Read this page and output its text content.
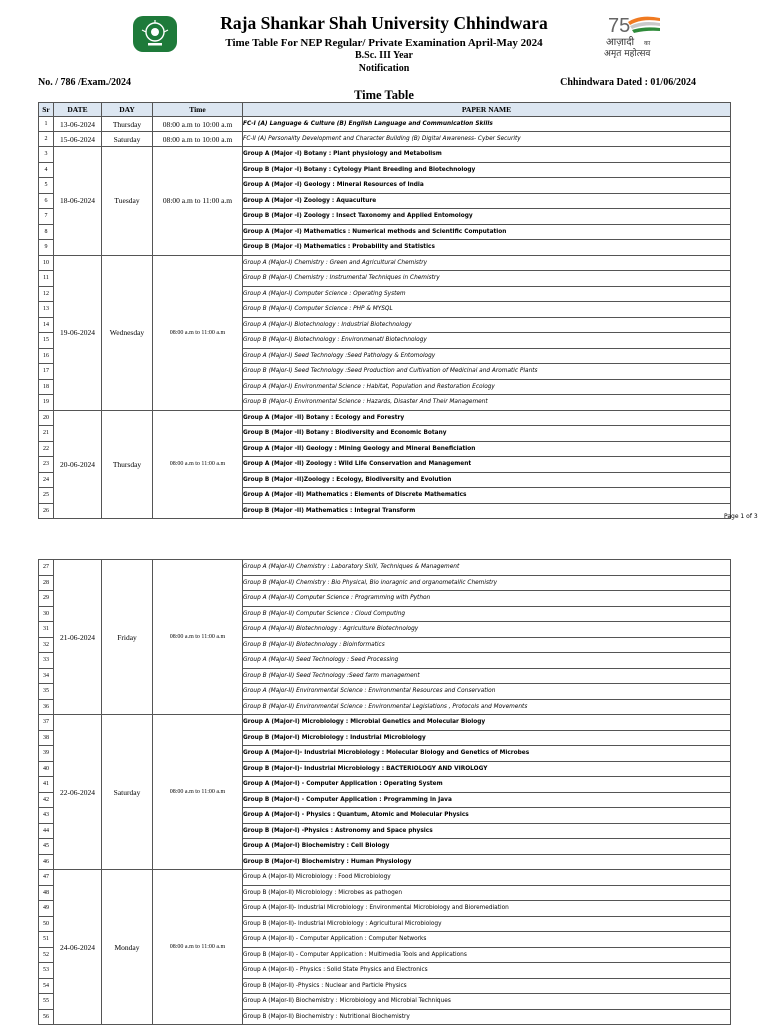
Raja Shankar Shah University Chhindwara
Time Table For NEP Regular/ Private Examination April-May 2024
B.Sc. III Year
Notification
75
आज़ादी का
अमृत महोत्सव
No. / 786 /Exam./2024	Chhindwara Dated : 01/06/2024
Time Table
Sr	DATE	DAY	Time	PAPER NAME
1	13-06-2024	Thursday	08:00 a.m to 10:00 a.m	FC-I (A) Language & Culture (B) English Language and Communication Skills
2	15-06-2024	Saturday	08:00 a.m to 10:00 a.m	FC-II (A) Personality Development and Character Building (B) Digital Awareness- Cyber Security
3	18-06-2024	Tuesday	08:00 a.m to 11:00 a.m	Group A (Major -I) Botany : Plant physiology and Metabolism
4				Group B (Major -I) Botany : Cytology Plant Breeding and Biotechnology
5				Group A (Major -I) Geology : Mineral Resources of India
6				Group A (Major -I) Zoology : Aquaculture
7				Group B (Major -I) Zoology : Insect Taxonomy and Applied Entomology
8				Group A (Major -I) Mathematics : Numerical methods and Scientific Computation
9				Group B (Major -I) Mathematics : Probability and Statistics
10	19-06-2024	Wednesday	08:00 a.m to 11:00 a.m	Group A (Major-I) Chemistry : Green and Agricultural Chemistry
11				Group B (Major-I) Chemistry : Instrumental Techniques in Chemistry
12				Group A (Major-I) Computer Science : Operating System
13				Group B (Major-I) Computer Science : PHP & MYSQL
14				Group A (Major-I) Biotechnology : Industrial Biotechnology
15				Group B (Major-I) Biotechnology : Environmenatl Biotechnology
16				Group A (Major-I) Seed Technology :Seed Pathology & Entomology
17				Group B (Major-I) Seed Technology :Seed Production and Cultivation of Medicinal and Aromatic Plants
18				Group A (Major-I) Environmental Science : Habitat, Population and Restoration Ecology
19				Group B (Major-I) Environmental Science : Hazards, Disaster And Their Management
20	20-06-2024	Thursday	08:00 a.m to 11:00 a.m	Group A (Major -II) Botany : Ecology and Forestry
21				Group B (Major -II) Botany : Biodiversity and Economic Botany
22				Group A (Major -II) Geology : Mining Geology and Mineral Beneficiation
23				Group A (Major -II) Zoology : Wild Life Conservation and Management
24				Group B (Major -II)Zoology : Ecology, Biodiversity and Evolution
25				Group A (Major -II) Mathematics : Elements of Discrete Mathematics
26				Group B (Major -II) Mathematics : Integral Transform
Page 1 of 3
27	21-06-2024	Friday	08:00 a.m to 11:00 a.m	Group A (Major-II) Chemistry : Laboratory Skill, Techniques & Management
28				Group B (Major-II) Chemistry : Bio Physical, Bio inoragnic and organometallic Chemistry
29				Group A (Major-II) Computer Science : Programming with Python
30				Group B (Major-II) Computer Science : Cloud Computing
31				Group A (Major-II) Biotechnology : Agriculture Biotechnology
32				Group B (Major-II) Biotechnology : Bioinformatics
33				Group A (Major-II) Seed Technology : Seed Processing
34				Group B (Major-II) Seed Technology :Seed farm management
35				Group A (Major-II) Environmental Science : Environmental Resources and Conservation
36				Group B (Major-II) Environmental Science : Environmental Legislations , Protocols and Movements
37	22-06-2024	Saturday	08:00 a.m to 11:00 a.m	Group A (Major-I) Microbiology : Microbial Genetics and Molecular Biology
38				Group B (Major-I) Microbiology : Industrial Microbiology
39				Group A (Major-I)- Industrial Microbiology : Molecular Biology and Genetics of Microbes
40				Group B (Major-I)- Industrial Microbiology : BACTERIOLOGY AND VIROLOGY
41				Group A (Major-I) - Computer Application : Operating System
42				Group B (Major-I) - Computer Application : Programming in Java
43				Group A (Major-I) - Physics : Quantum, Atomic and Molecular Physics
44				Group B (Major-I) -Physics : Astronomy and Space physics
45				Group A (Major-I) Biochemistry : Cell Biology
46				Group B (Major-I) Biochemistry : Human Physiology
47	24-06-2024	Monday	08:00 a.m to 11:00 a.m	Group A (Major-II) Microbiology : Food Microbiology
48				Group B (Major-II) Microbiology : Microbes as pathogen
49				Group A (Major-II)- Industrial Microbiology : Environmental Microbiology and Bioremediation
50				Group B (Major-II)- Industrial Microbiology : Agricultural Microbiology
51				Group A (Major-II) - Computer Application : Computer Networks
52				Group B (Major-II) - Computer Application : Multimedia Tools and Applications
53				Group A (Major-II) - Physics : Solid State Physics and Electronics
54				Group B (Major-II) -Physics : Nuclear and Particle Physics
55				Group A (Major-II) Biochemistry : Microbiology and Microbial Techniques
56				Group B (Major-II) Biochemistry : Nutritional Biochemistry
